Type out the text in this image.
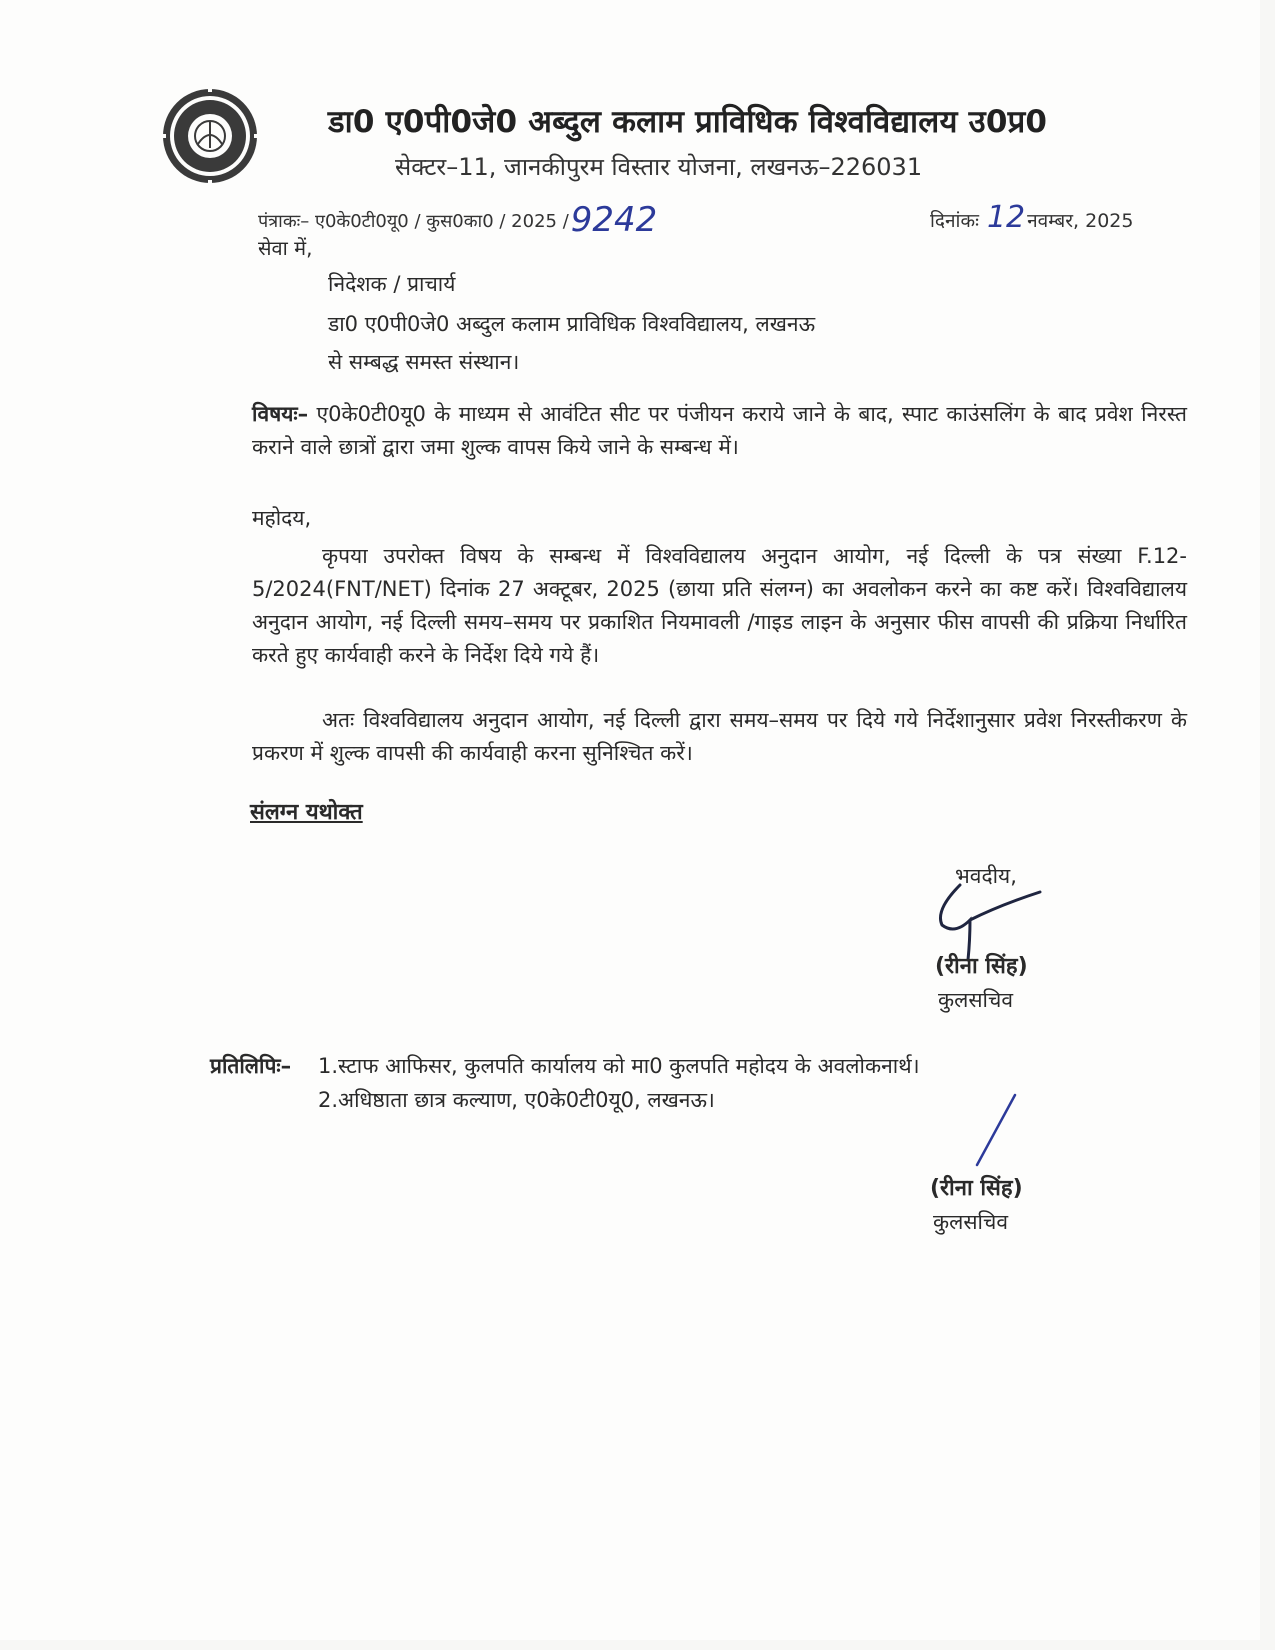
डा0 ए0पी0जे0 अब्दुल कलाम प्राविधिक विश्वविद्यालय उ0प्र0
सेक्टर–11, जानकीपुरम विस्तार योजना, लखनऊ–226031
पंत्राकः– ए0के0टी0यू0 / कुस0का0 / 2025 /9242	दिनांकः 12 नवम्बर, 2025
सेवा में,
निदेशक / प्राचार्य
डा0 ए0पी0जे0 अब्दुल कलाम प्राविधिक विश्वविद्यालय, लखनऊ
से सम्बद्ध समस्त संस्थान।
विषयः– ए0के0टी0यू0 के माध्यम से आवंटित सीट पर पंजीयन कराये जाने के बाद, स्पाट काउंसलिंग के बाद प्रवेश निरस्त कराने वाले छात्रों द्वारा जमा शुल्क वापस किये जाने के सम्बन्ध में।
महोदय,
कृपया उपरोक्त विषय के सम्बन्ध में विश्वविद्यालय अनुदान आयोग, नई दिल्ली के पत्र संख्या F.12-5/2024(FNT/NET) दिनांक 27 अक्टूबर, 2025 (छाया प्रति संलग्न) का अवलोकन करने का कष्ट करें। विश्वविद्यालय अनुदान आयोग, नई दिल्ली समय–समय पर प्रकाशित नियमावली /गाइड लाइन के अनुसार फीस वापसी की प्रक्रिया निर्धारित करते हुए कार्यवाही करने के निर्देश दिये गये हैं।
अतः विश्वविद्यालय अनुदान आयोग, नई दिल्ली द्वारा समय–समय पर दिये गये निर्देशानुसार प्रवेश निरस्तीकरण के प्रकरण में शुल्क वापसी की कार्यवाही करना सुनिश्चित करें।
संलग्न यथोक्त
भवदीय,
(रीना सिंह)
कुलसचिव
प्रतिलिपिः– 1.स्टाफ आफिसर, कुलपति कार्यालय को मा0 कुलपति महोदय के अवलोकनार्थ।
2.अधिष्ठाता छात्र कल्याण, ए0के0टी0यू0, लखनऊ।
(रीना सिंह)
कुलसचिव
